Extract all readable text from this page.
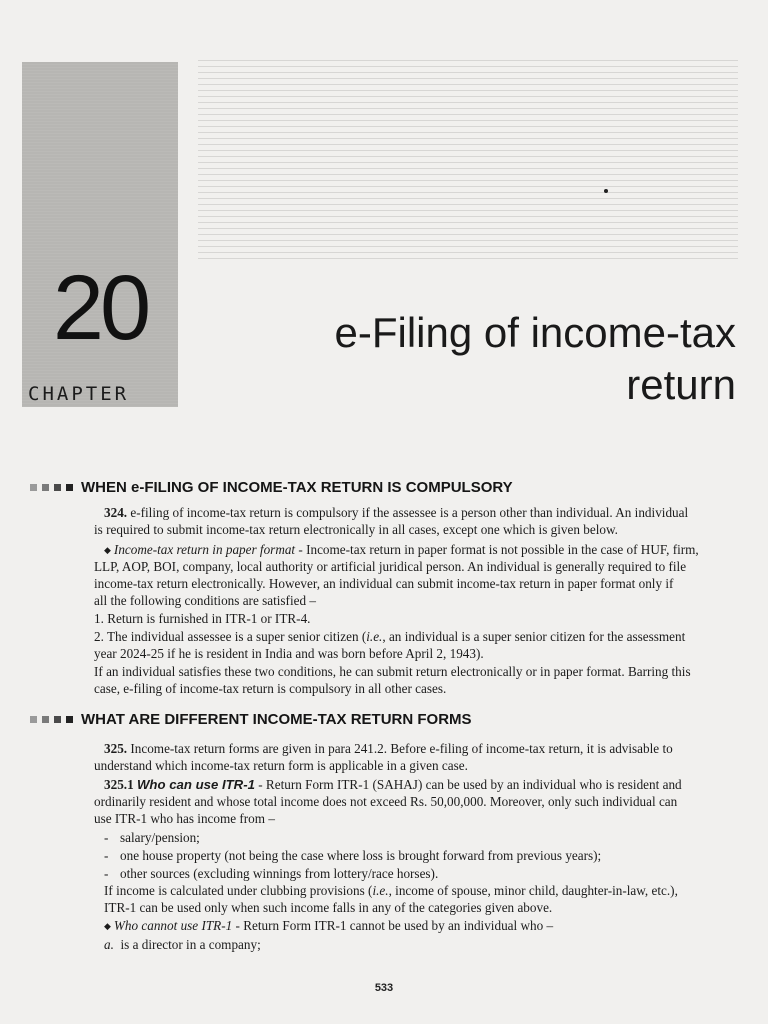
20
CHAPTER
e-Filing of income-tax
return
WHEN e-FILING OF INCOME-TAX RETURN IS COMPULSORY
324. e-filing of income-tax return is compulsory if the assessee is a person other than individual. An individual
is required to submit income-tax return electronically in all cases, except one which is given below.
◆ Income-tax return in paper format - Income-tax return in paper format is not possible in the case of HUF, firm,
LLP, AOP, BOI, company, local authority or artificial juridical person. An individual is generally required to file
income-tax return electronically. However, an individual can submit income-tax return in paper format only if
all the following conditions are satisfied –
1. Return is furnished in ITR-1 or ITR-4.
2. The individual assessee is a super senior citizen (i.e., an individual is a super senior citizen for the assessment
year 2024-25 if he is resident in India and was born before April 2, 1943).
If an individual satisfies these two conditions, he can submit return electronically or in paper format. Barring this
case, e-filing of income-tax return is compulsory in all other cases.
WHAT ARE DIFFERENT INCOME-TAX RETURN FORMS
325. Income-tax return forms are given in para 241.2. Before e-filing of income-tax return, it is advisable to
understand which income-tax return form is applicable in a given case.
325.1 Who can use ITR-1 - Return Form ITR-1 (SAHAJ) can be used by an individual who is resident and
ordinarily resident and whose total income does not exceed Rs. 50,00,000. Moreover, only such individual can
use ITR-1 who has income from –
- salary/pension;
- one house property (not being the case where loss is brought forward from previous years);
- other sources (excluding winnings from lottery/race horses).
If income is calculated under clubbing provisions (i.e., income of spouse, minor child, daughter-in-law, etc.),
ITR-1 can be used only when such income falls in any of the categories given above.
◆ Who cannot use ITR-1 - Return Form ITR-1 cannot be used by an individual who –
a. is a director in a company;
533
